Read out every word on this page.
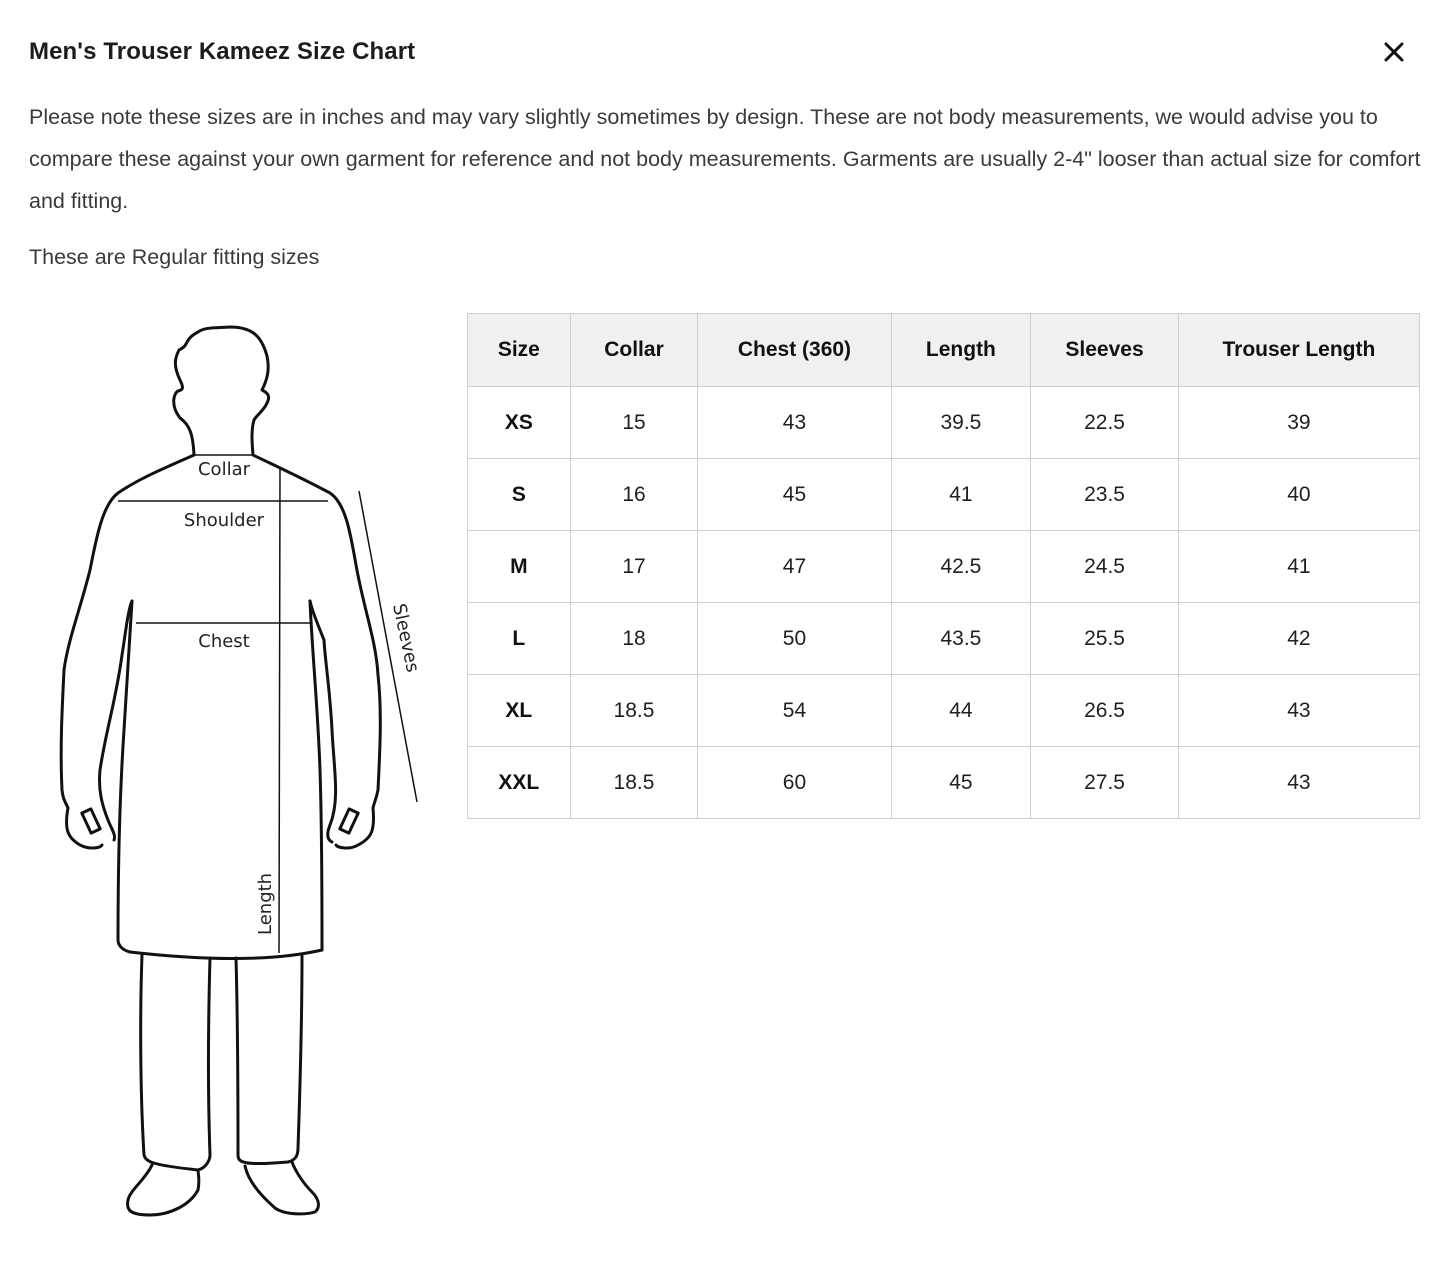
Men's Trouser Kameez Size Chart

Please note these sizes are in inches and may vary slightly sometimes by design. These are not body measurements, we would advise you to compare these against your own garment for reference and not body measurements. Garments are usually 2-4" looser than actual size for comfort and fitting.

These are Regular fitting sizes

Collar
Shoulder
Chest	Sleeves
Length
Size	Collar	Chest (360)	Length	Sleeves	Trouser Length
XS	15	43	39.5	22.5	39
S	16	45	41	23.5	40
M	17	47	42.5	24.5	41
L	18	50	43.5	25.5	42
XL	18.5	54	44	26.5	43
XXL	18.5	60	45	27.5	43
